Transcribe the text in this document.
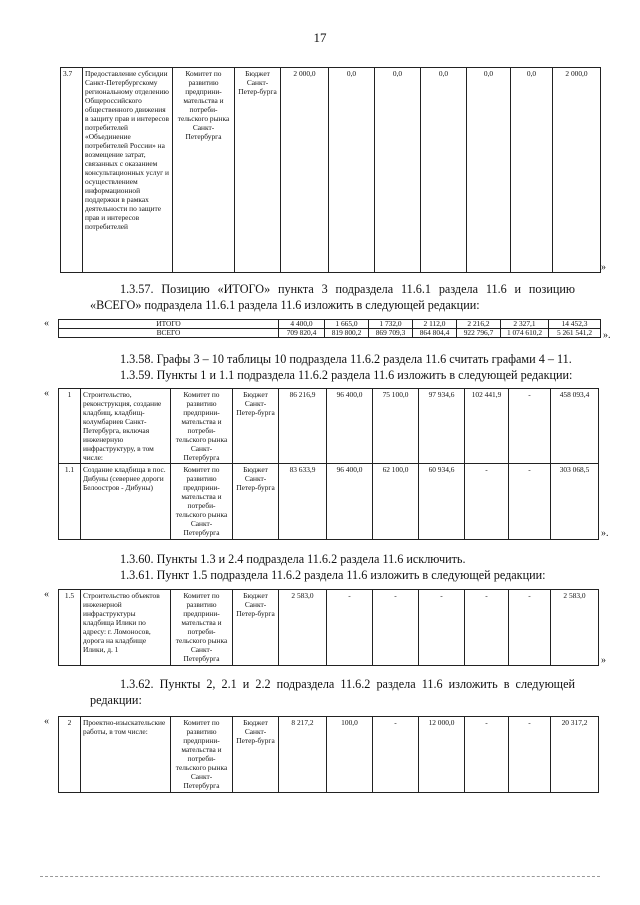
17
3.7	Предоставление субсидии Санкт-Петербургскому региональному отделению Общероссийского общественного движения в защиту прав и интересов потребителей «Объединение потребителей России» на возмещение затрат, связанных с оказанием консультационных услуг и осуществлением информационной поддержки в рамках деятельности по защите прав и интересов потребителей	Комитет по развитию предприни-мательства и потреби-тельского рынка Санкт-Петербурга	Бюджет Санкт-Петер-бурга	2 000,0	0,0	0,0	0,0	0,0	0,0	2 000,0
»
1.3.57. Позицию «ИТОГО» пункта 3 подраздела 11.6.1 раздела 11.6 и позицию «ВСЕГО» подраздела 11.6.1 раздела 11.6 изложить в следующей редакции:
«	ИТОГО	4 400,0	1 665,0	1 732,0	2 112,0	2 216,2	2 327,1	14 452,3
ВСЕГО	709 820,4	819 800,2	869 709,3	864 804,4	922 796,7	1 074 610,2	5 261 541,2 ».
1.3.58. Графы 3 – 10 таблицы 10 подраздела 11.6.2 раздела 11.6 считать графами 4 – 11.
1.3.59. Пункты 1 и 1.1 подраздела 11.6.2 раздела 11.6 изложить в следующей редакции:
«	1	Строительство, реконструкция, создание кладбищ, кладбищ-колумбариев Санкт-Петербурга, включая инженерную инфраструктуру, в том числе:	Комитет по развитию предприни-мательства и потреби-тельского рынка Санкт-Петербурга	Бюджет Санкт-Петер-бурга	86 216,9	96 400,0	75 100,0	97 934,6	102 441,9	-	458 093,4
1.1	Создание кладбища в пос. Дибуны (севернее дороги Белоостров - Дибуны)	Комитет по развитию предприни-мательства и потреби-тельского рынка Санкт-Петербурга	Бюджет Санкт-Петер-бурга	83 633,9	96 400,0	62 100,0	60 934,6	-	-	303 068,5
».
1.3.60. Пункты 1.3 и 2.4 подраздела 11.6.2 раздела 11.6 исключить.
1.3.61. Пункт 1.5 подраздела 11.6.2 раздела 11.6 изложить в следующей редакции:
« 1.5	Строительство объектов инженерной инфраструктуры кладбища Илики по адресу: г. Ломоносов, дорога на кладбище Илики, д. 1	Комитет по развитию предприни-мательства и потреби-тельского рынка Санкт-Петербурга	Бюджет Санкт-Петер-бурга	2 583,0	-	-	-	-	-	2 583,0
»
1.3.62. Пункты 2, 2.1 и 2.2 подраздела 11.6.2 раздела 11.6 изложить в следующей редакции:
«	2	Проектно-изыскательские работы, в том числе:	Комитет по развитию предприни-мательства и потреби-тельского рынка Санкт-Петербурга	Бюджет Санкт-Петер-бурга	8 217,2	100,0	-	12 000,0	-	-	20 317,2
